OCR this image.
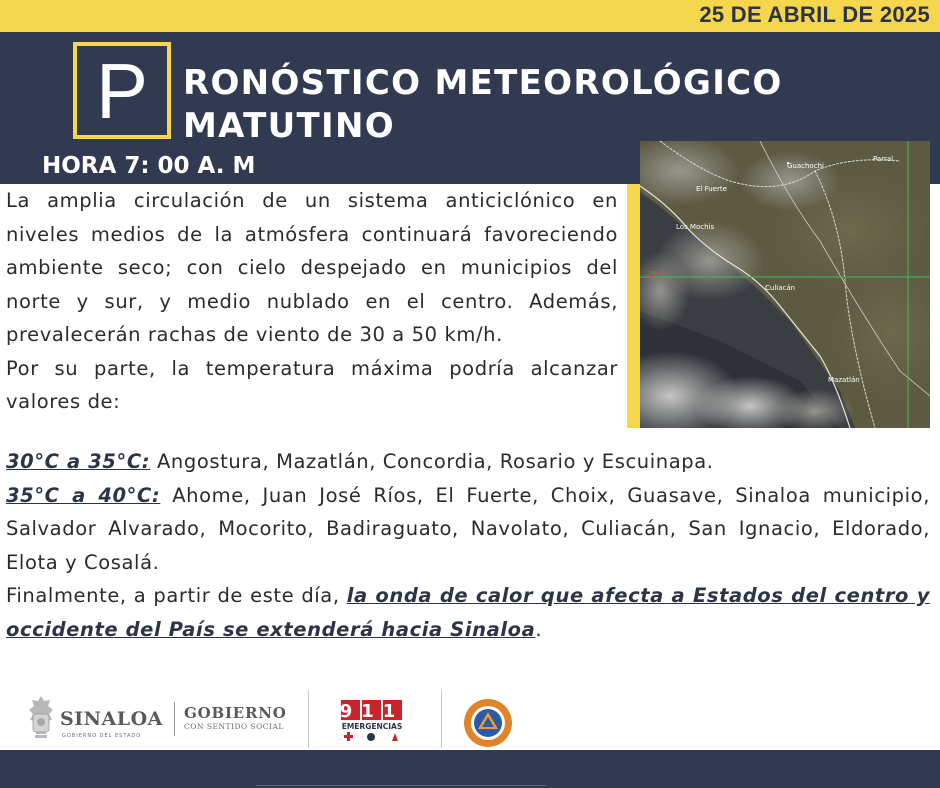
25 DE ABRIL DE 2025
P	RONÓSTICO METEOROLÓGICO
MATUTINO
HORA 7: 00 A. M	Guachochi
Parral
El Fuerte
Los Mochis
Culiacán
Mazatlán
-25°

La amplia circulación de un sistema anticiclónico en niveles medios de la atmósfera continuará favoreciendo ambiente seco; con cielo despejado en municipios del norte y sur, y medio nublado en el centro. Además, prevalecerán rachas de viento de 30 a 50 km/h.

Por su parte, la temperatura máxima podría alcanzar valores de:

30°C a 35°C: Angostura, Mazatlán, Concordia, Rosario y Escuinapa.

35°C a 40°C: Ahome, Juan José Ríos, El Fuerte, Choix, Guasave, Sinaloa municipio, Salvador Alvarado, Mocorito, Badiraguato, Navolato, Culiacán, San Ignacio, Eldorado, Elota y Cosalá.

Finalmente, a partir de este día, la onda de calor que afecta a Estados del centro y occidente del País se extenderá hacia Sinaloa.

SINALOA
GOBIERNO DEL ESTADO
GOBIERNO
CON SENTIDO SOCIAL
911
EMERGENCIAS
